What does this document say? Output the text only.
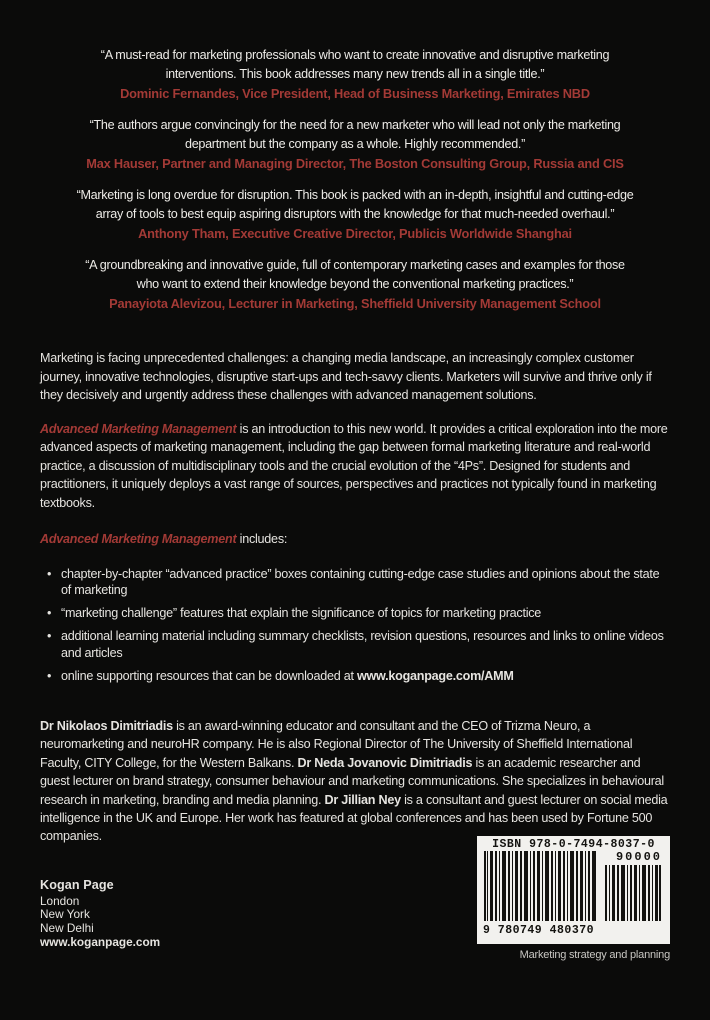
“A must-read for marketing professionals who want to create innovative and disruptive marketing
interventions. This book addresses many new trends all in a single title.”
Dominic Fernandes, Vice President, Head of Business Marketing, Emirates NBD
“The authors argue convincingly for the need for a new marketer who will lead not only the marketing
department but the company as a whole. Highly recommended.”
Max Hauser, Partner and Managing Director, The Boston Consulting Group, Russia and CIS
“Marketing is long overdue for disruption. This book is packed with an in-depth, insightful and cutting-edge
array of tools to best equip aspiring disruptors with the knowledge for that much-needed overhaul.”
Anthony Tham, Executive Creative Director, Publicis Worldwide Shanghai
“A groundbreaking and innovative guide, full of contemporary marketing cases and examples for those
who want to extend their knowledge beyond the conventional marketing practices.”
Panayiota Alevizou, Lecturer in Marketing, Sheffield University Management School

Marketing is facing unprecedented challenges: a changing media landscape, an increasingly complex customer journey, innovative technologies, disruptive start-ups and tech-savvy clients. Marketers will survive and thrive only if they decisively and urgently address these challenges with advanced management solutions.

Advanced Marketing Management is an introduction to this new world. It provides a critical exploration into the more advanced aspects of marketing management, including the gap between formal marketing literature and real-world practice, a discussion of multidisciplinary tools and the crucial evolution of the “4Ps”. Designed for students and practitioners, it uniquely deploys a vast range of sources, perspectives and practices not typically found in marketing textbooks.

Advanced Marketing Management includes:

• chapter-by-chapter “advanced practice” boxes containing cutting-edge case studies and opinions about the state of marketing
• “marketing challenge” features that explain the significance of topics for marketing practice
• additional learning material including summary checklists, revision questions, resources and links to online videos and articles
• online supporting resources that can be downloaded at www.koganpage.com/AMM

Dr Nikolaos Dimitriadis is an award-winning educator and consultant and the CEO of Trizma Neuro, a neuromarketing and neuroHR company. He is also Regional Director of The University of Sheffield International Faculty, CITY College, for the Western Balkans. Dr Neda Jovanovic Dimitriadis is an academic researcher and guest lecturer on brand strategy, consumer behaviour and marketing communications. She specializes in behavioural research in marketing, branding and media planning. Dr Jillian Ney is a consultant and guest lecturer on social media intelligence in the UK and Europe. Her work has featured at global conferences and has been used by Fortune 500 companies.

Kogan Page
London
New York
New Delhi
www.koganpage.com
ISBN 978-0-7494-8037-0
90000
9 780749 480370
Marketing strategy and planning
